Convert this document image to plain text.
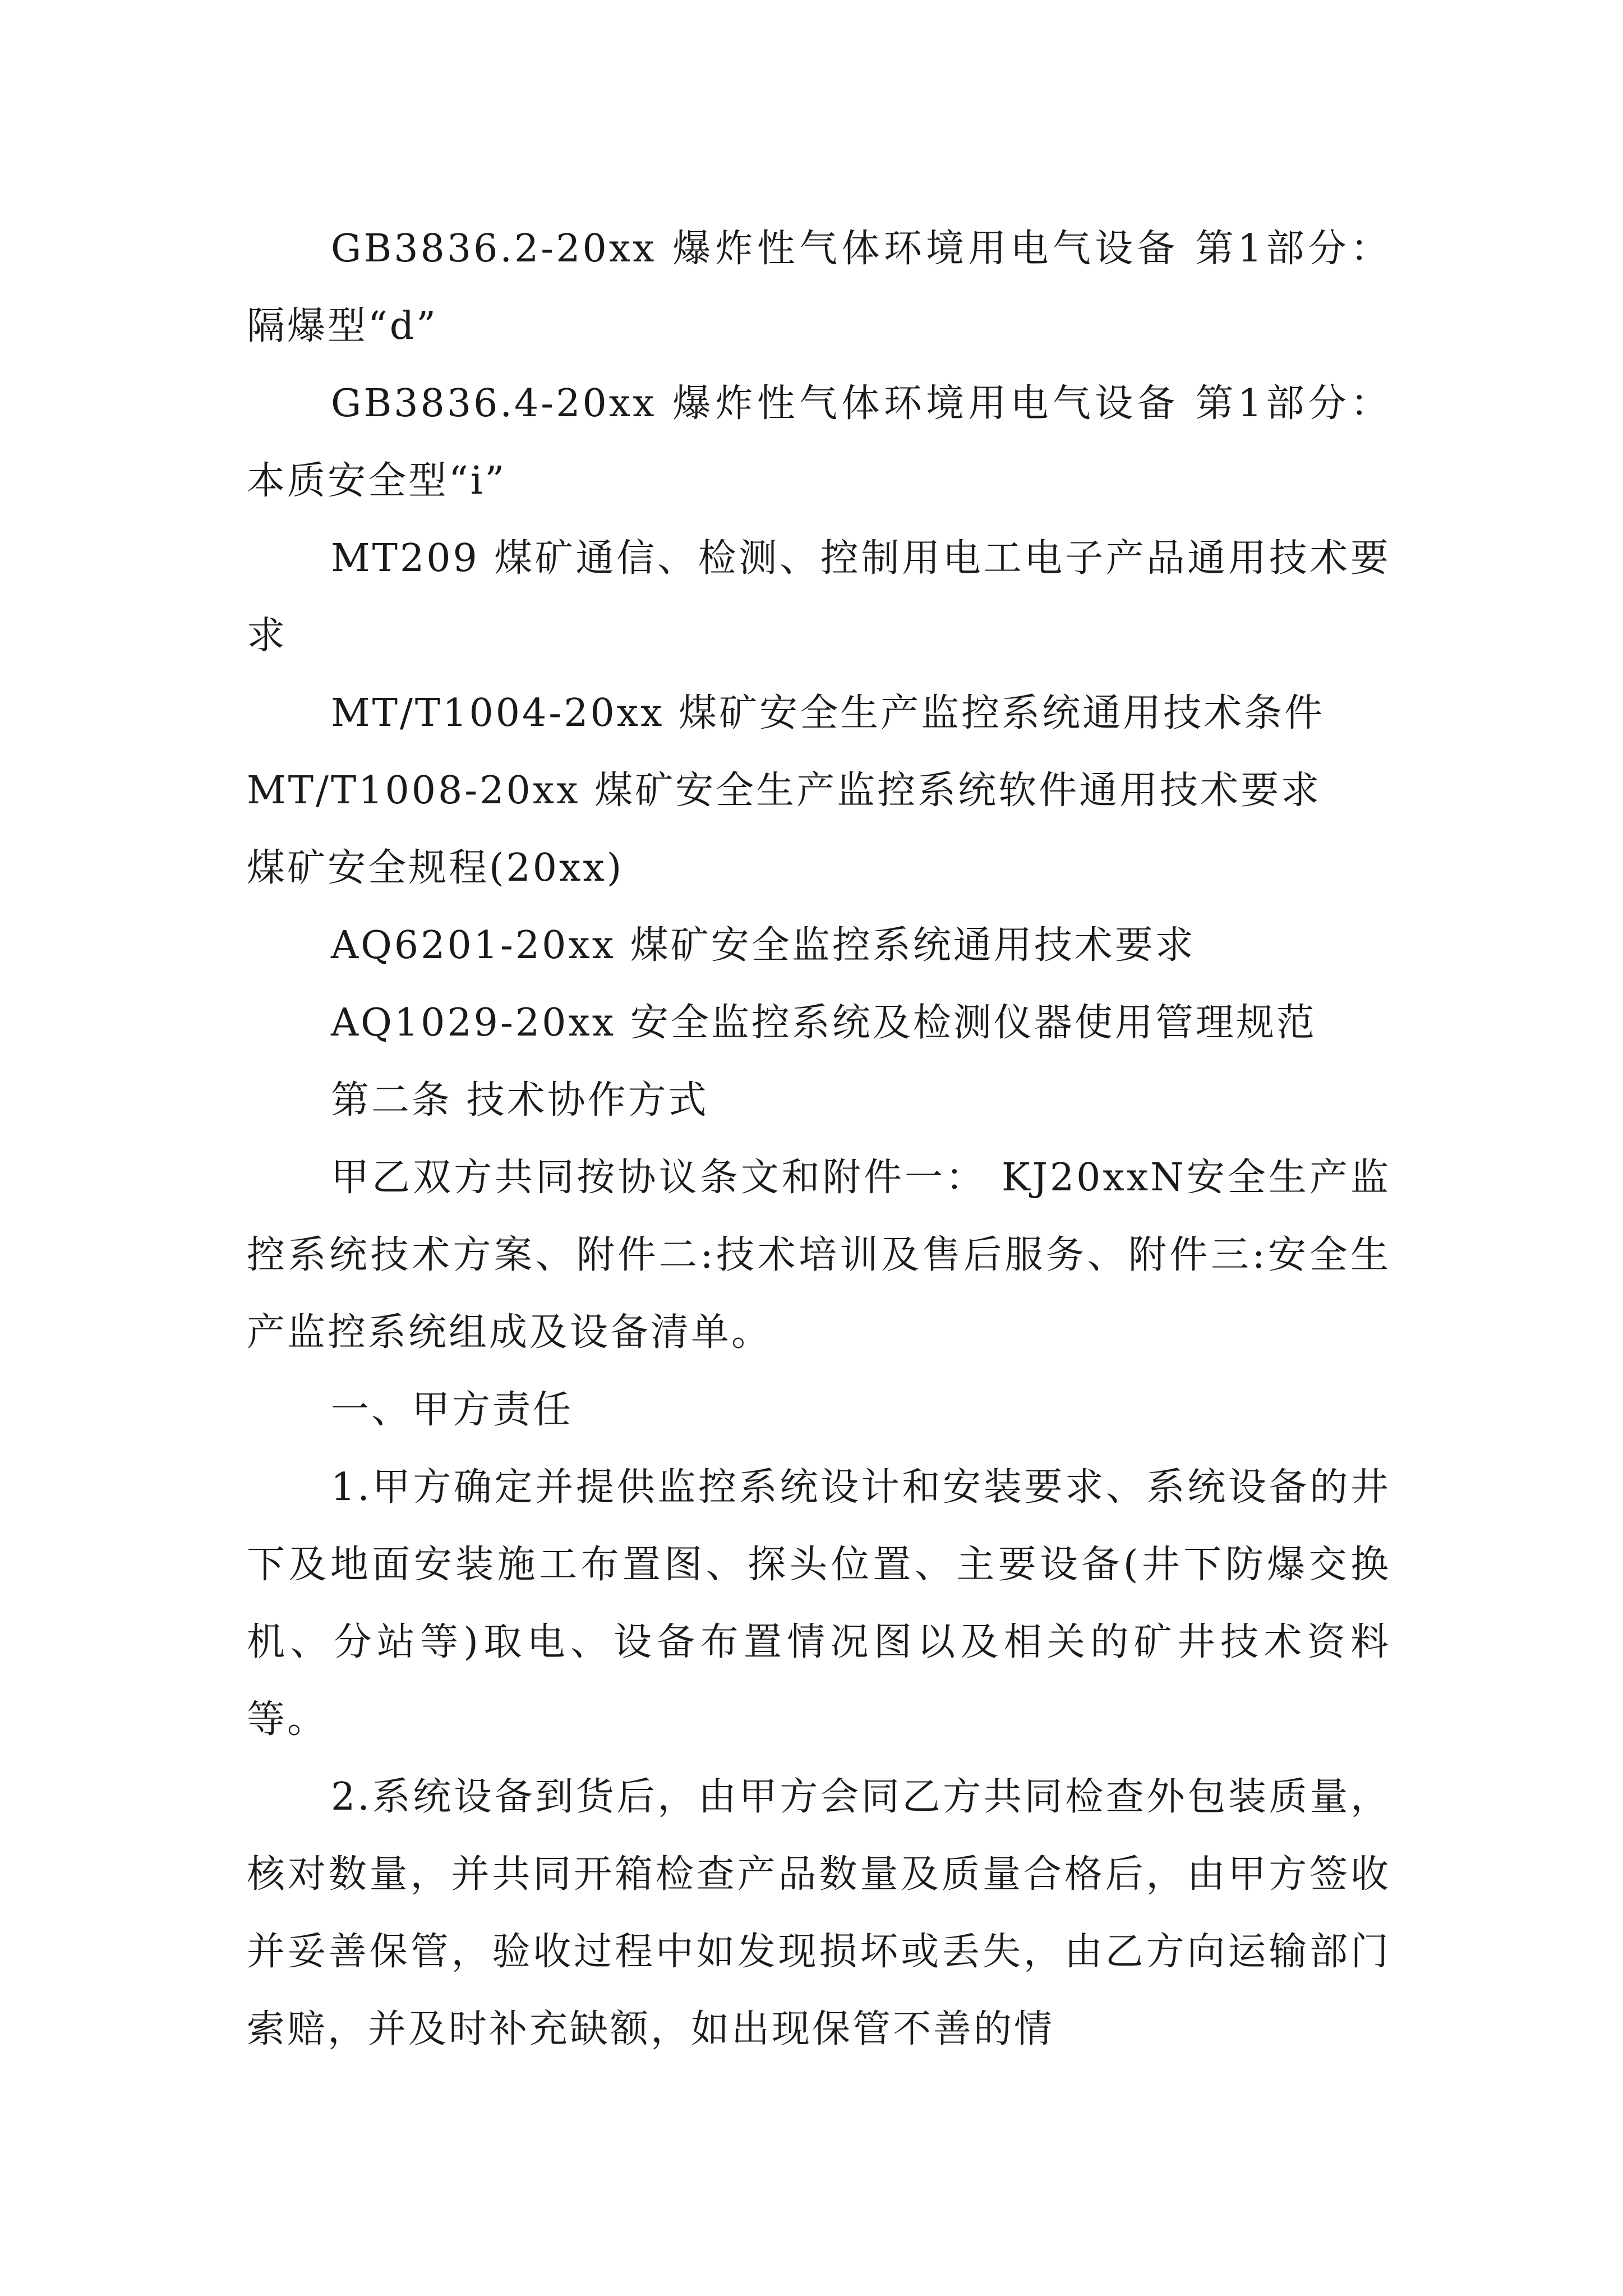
GB3836.2-20xx 爆炸性气体环境用电气设备 第1部分：隔爆型“d”

GB3836.4-20xx 爆炸性气体环境用电气设备 第1部分：本质安全型“i”

MT209 煤矿通信、检测、控制用电工电子产品通用技术要求

MT/T1004-20xx 煤矿安全生产监控系统通用技术条件

MT/T1008-20xx 煤矿安全生产监控系统软件通用技术要求

煤矿安全规程(20xx)

AQ6201-20xx 煤矿安全监控系统通用技术要求

AQ1029-20xx 安全监控系统及检测仪器使用管理规范

第二条 技术协作方式

甲乙双方共同按协议条文和附件一： KJ20xxN安全生产监控系统技术方案、附件二:技术培训及售后服务、附件三:安全生产监控系统组成及设备清单。

一、甲方责任

1.甲方确定并提供监控系统设计和安装要求、系统设备的井下及地面安装施工布置图、探头位置、主要设备(井下防爆交换机、分站等)取电、设备布置情况图以及相关的矿井技术资料等。

2.系统设备到货后，由甲方会同乙方共同检查外包装质量，核对数量，并共同开箱检查产品数量及质量合格后，由甲方签收并妥善保管，验收过程中如发现损坏或丢失，由乙方向运输部门索赔，并及时补充缺额，如出现保管不善的情
